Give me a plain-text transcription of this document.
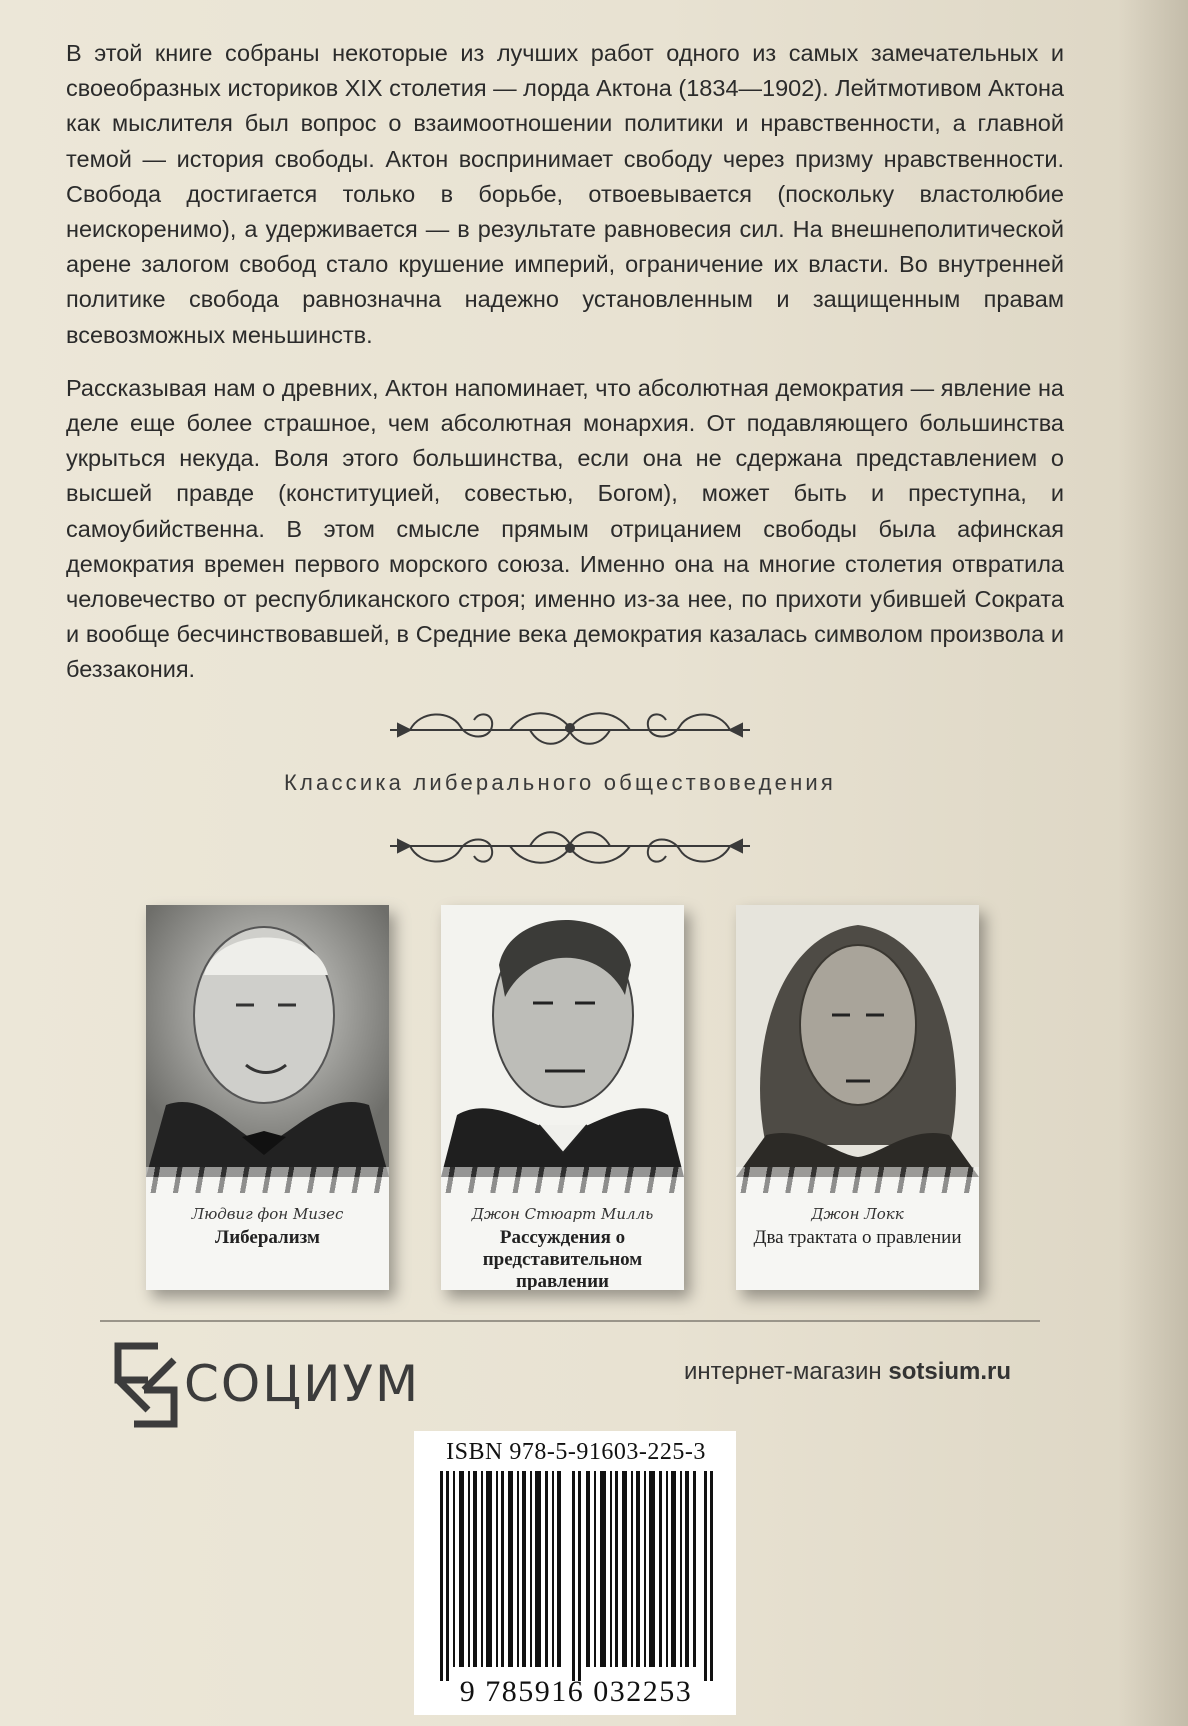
В этой книге собраны некоторые из лучших работ одного из самых замечательных и своеобразных историков XIX столетия — лорда Актона (1834—1902). Лейтмотивом Актона как мыслителя был вопрос о взаимоотношении политики и нравственности, а главной темой — история свободы. Актон воспринимает свободу через призму нравственности. Свобода достигается только в борьбе, отвоевывается (поскольку властолюбие неискоренимо), а удерживается — в результате равновесия сил. На внешнеполитической арене залогом свобод стало крушение империй, ограничение их власти. Во внутренней политике свобода равнозначна надежно установленным и защищенным правам всевозможных меньшинств.

Рассказывая нам о древних, Актон напоминает, что абсолютная демократия — явление на деле еще более страшное, чем абсолютная монархия. От подавляющего большинства укрыться некуда. Воля этого большинства, если она не сдержана представлением о высшей правде (конституцией, совестью, Богом), может быть и преступна, и самоубийственна. В этом смысле прямым отрицанием свободы была афинская демократия времен первого морского союза. Именно она на многие столетия отвратила человечество от республиканского строя; именно из-за нее, по прихоти убившей Сократа и вообще бесчинствовавшей, в Средние века демократия казалась символом произвола и беззакония.

Классика либерального обществоведения
Людвиг фон Мизес
Либерализм
Джон Стюарт Милль
Рассуждения о представительном правлении
Джон Локк
Два трактата о правлении
СОЦИУМ	интернет-магазин sotsium.ru
ISBN 978-5-91603-225-3
9 785916 032253
